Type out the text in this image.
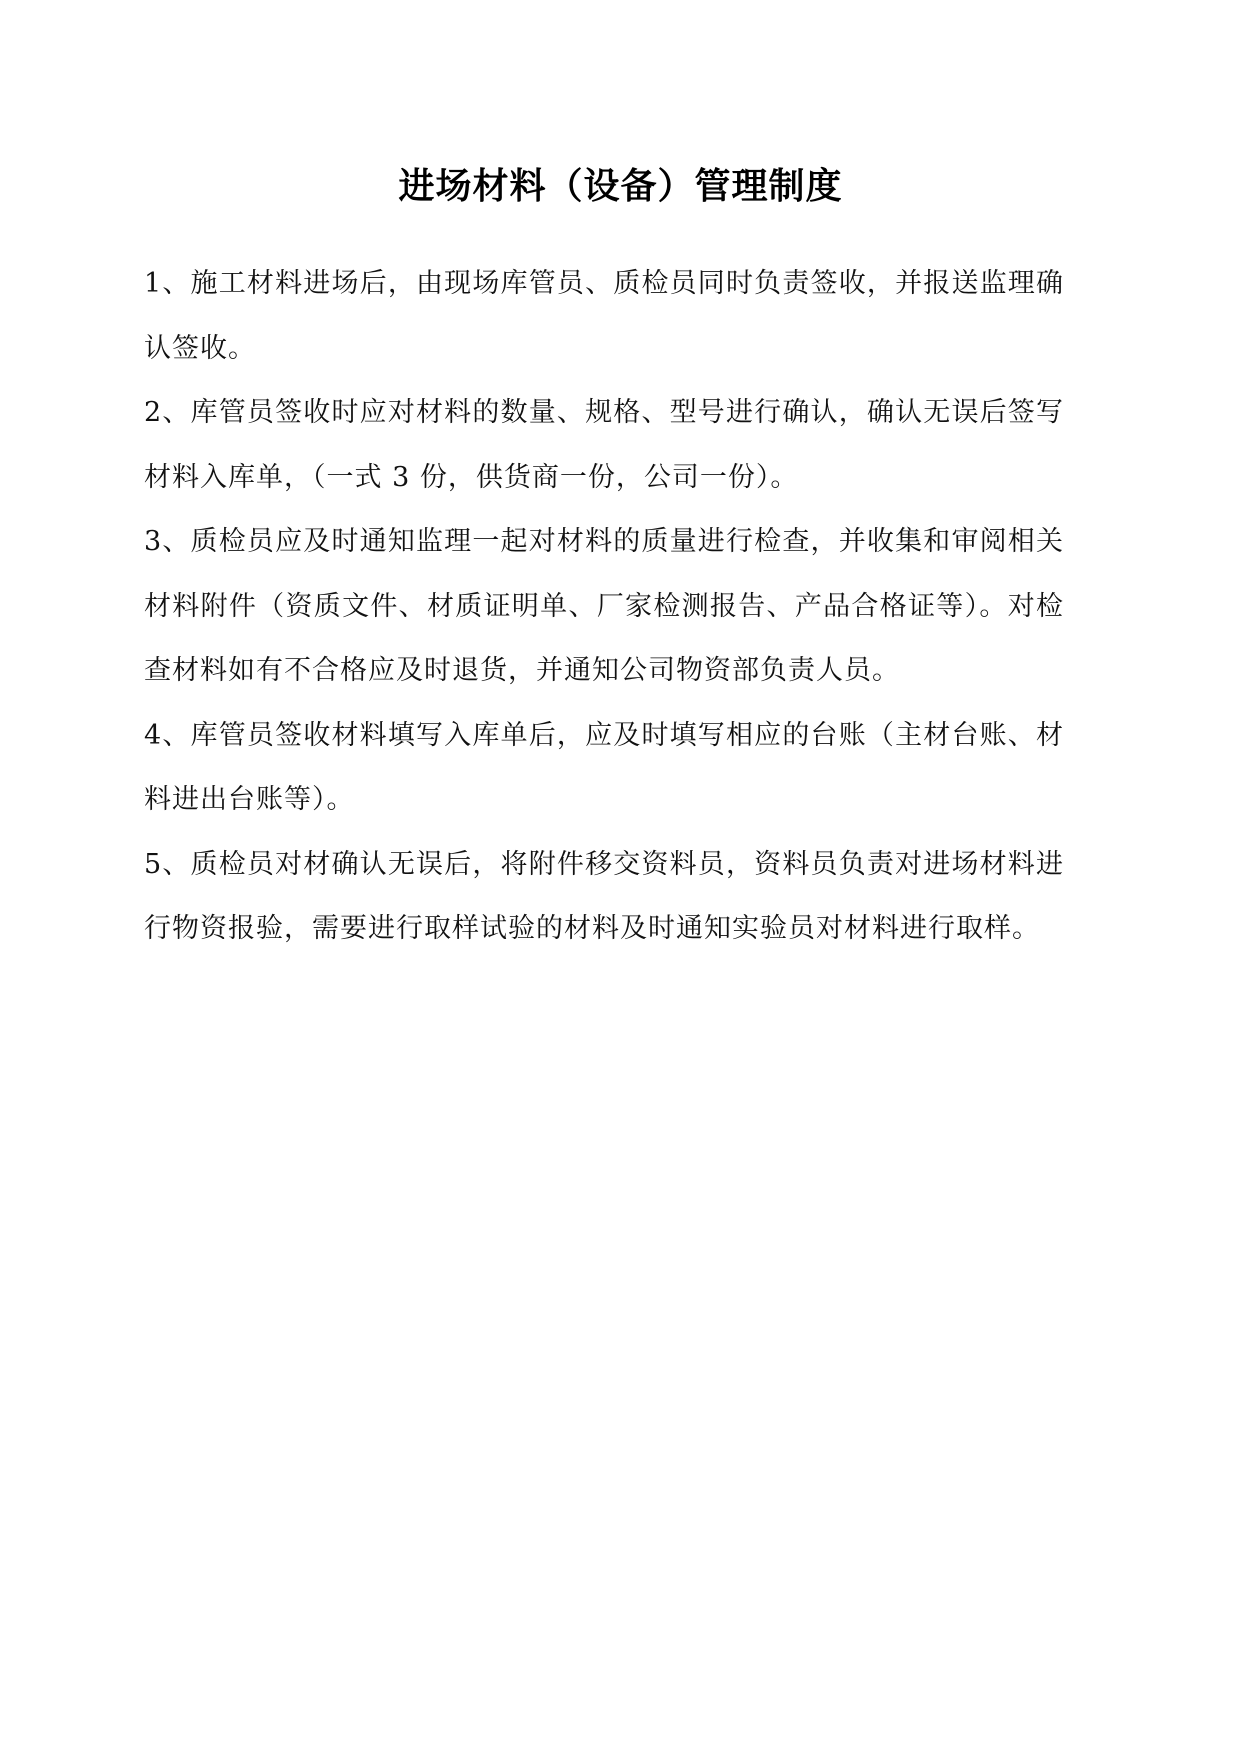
进场材料（设备）管理制度

1、施工材料进场后，由现场库管员、质检员同时负责签收，并报送监理确认签收。

2、库管员签收时应对材料的数量、规格、型号进行确认，确认无误后签写材料入库单，（一式 3 份，供货商一份，公司一份）。

3、质检员应及时通知监理一起对材料的质量进行检查，并收集和审阅相关材料附件（资质文件、材质证明单、厂家检测报告、产品合格证等）。对检查材料如有不合格应及时退货，并通知公司物资部负责人员。

4、库管员签收材料填写入库单后，应及时填写相应的台账（主材台账、材料进出台账等）。

5、质检员对材确认无误后，将附件移交资料员，资料员负责对进场材料进行物资报验，需要进行取样试验的材料及时通知实验员对材料进行取样。
